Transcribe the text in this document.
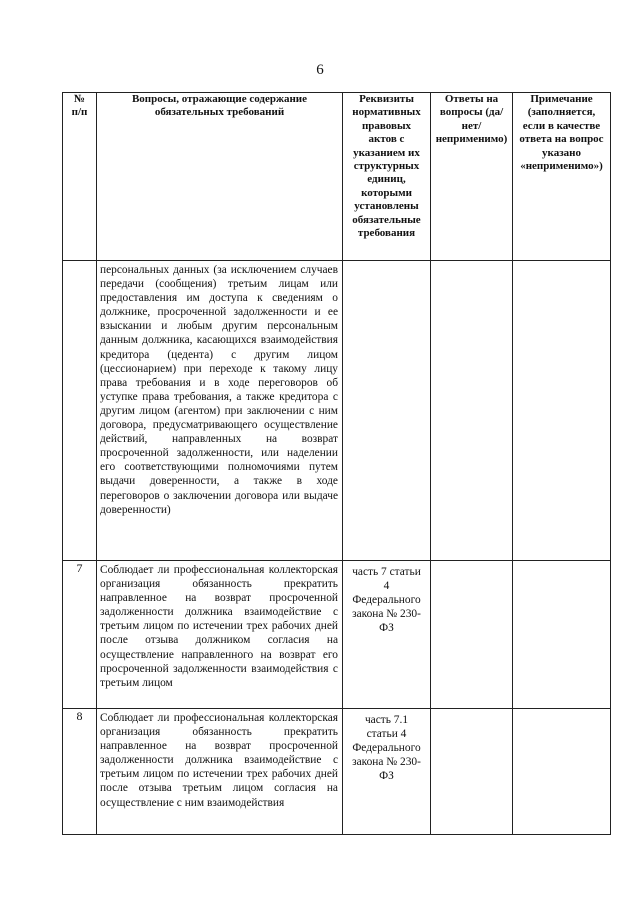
6
№ п/п	Вопросы, отражающие содержание обязательных требований	Реквизиты нормативных правовых актов с указанием их структурных единиц, которыми установлены обязательные требования	Ответы на вопросы (да/нет/ неприменимо)	Примечание (заполняется, если в качестве ответа на вопрос указано «неприменимо»)

	персональных данных (за исключением случаев передачи (сообщения) третьим лицам или предоставления им доступа к сведениям о должнике, просроченной задолженности и ее взыскании и любым другим персональным данным должника, касающихся взаимодействия кредитора (цедента) с другим лицом (цессионарием) при переходе к такому лицу права требования и в ходе переговоров об уступке права требования, а также кредитора с другим лицом (агентом) при заключении с ним договора, предусматривающего осуществление действий, направленных на возврат просроченной задолженности, или наделении его соответствующими полномочиями путем выдачи доверенности, а также в ходе переговоров о заключении договора или выдаче доверенности)			

7	Соблюдает ли профессиональная коллекторская организация обязанность прекратить направленное на возврат просроченной задолженности должника взаимодействие с третьим лицом по истечении трех рабочих дней после отзыва должником согласия на осуществление направленного на возврат его просроченной задолженности взаимодействия с третьим лицом	часть 7 статьи 4 Федерального закона № 230-ФЗ		

8	Соблюдает ли профессиональная коллекторская организация обязанность прекратить направленное на возврат просроченной задолженности должника взаимодействие с третьим лицом по истечении трех рабочих дней после отзыва третьим лицом согласия на осуществление с ним взаимодействия	часть 7.1 статьи 4 Федерального закона № 230-ФЗ		
